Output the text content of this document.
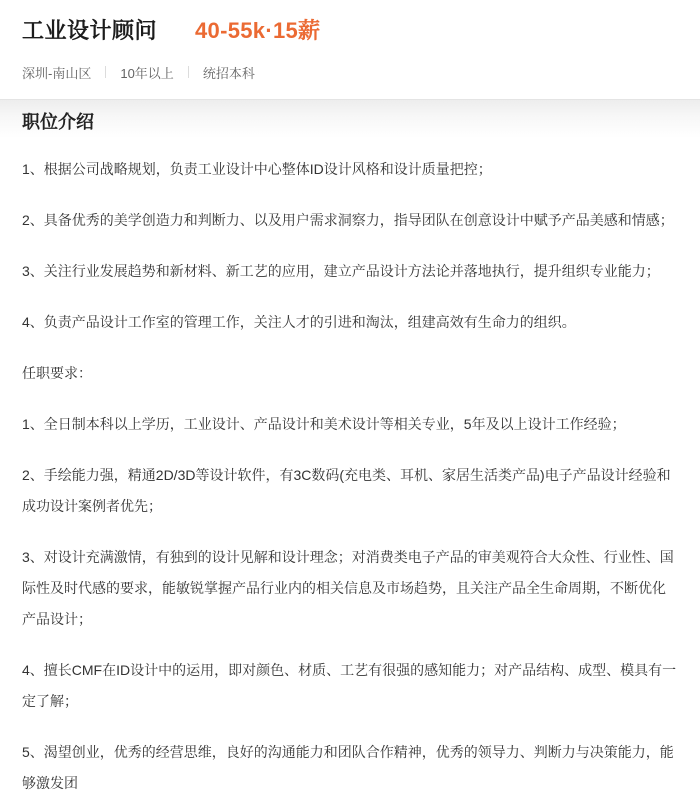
工业设计顾问 40-55k·15薪
深圳-南山区 10年以上 统招本科
职位介绍

1、根据公司战略规划，负责工业设计中心整体ID设计风格和设计质量把控；

2、具备优秀的美学创造力和判断力、以及用户需求洞察力，指导团队在创意设计中赋予产品美感和情感；

3、关注行业发展趋势和新材料、新工艺的应用，建立产品设计方法论并落地执行，提升组织专业能力；

4、负责产品设计工作室的管理工作，关注人才的引进和淘汰，组建高效有生命力的组织。

任职要求：

1、全日制本科以上学历，工业设计、产品设计和美术设计等相关专业，5年及以上设计工作经验；

2、手绘能力强，精通2D/3D等设计软件，有3C数码(充电类、耳机、家居生活类产品)电子产品设计经验和成功设计案例者优先；

3、对设计充满激情，有独到的设计见解和设计理念；对消费类电子产品的审美观符合大众性、行业性、国际性及时代感的要求，能敏锐掌握产品行业内的相关信息及市场趋势，且关注产品全生命周期，不断优化产品设计；

4、擅长CMF在ID设计中的运用，即对颜色、材质、工艺有很强的感知能力；对产品结构、成型、模具有一定了解；

5、渴望创业，优秀的经营思维，良好的沟通能力和团队合作精神，优秀的领导力、判断力与决策能力，能够激发团
